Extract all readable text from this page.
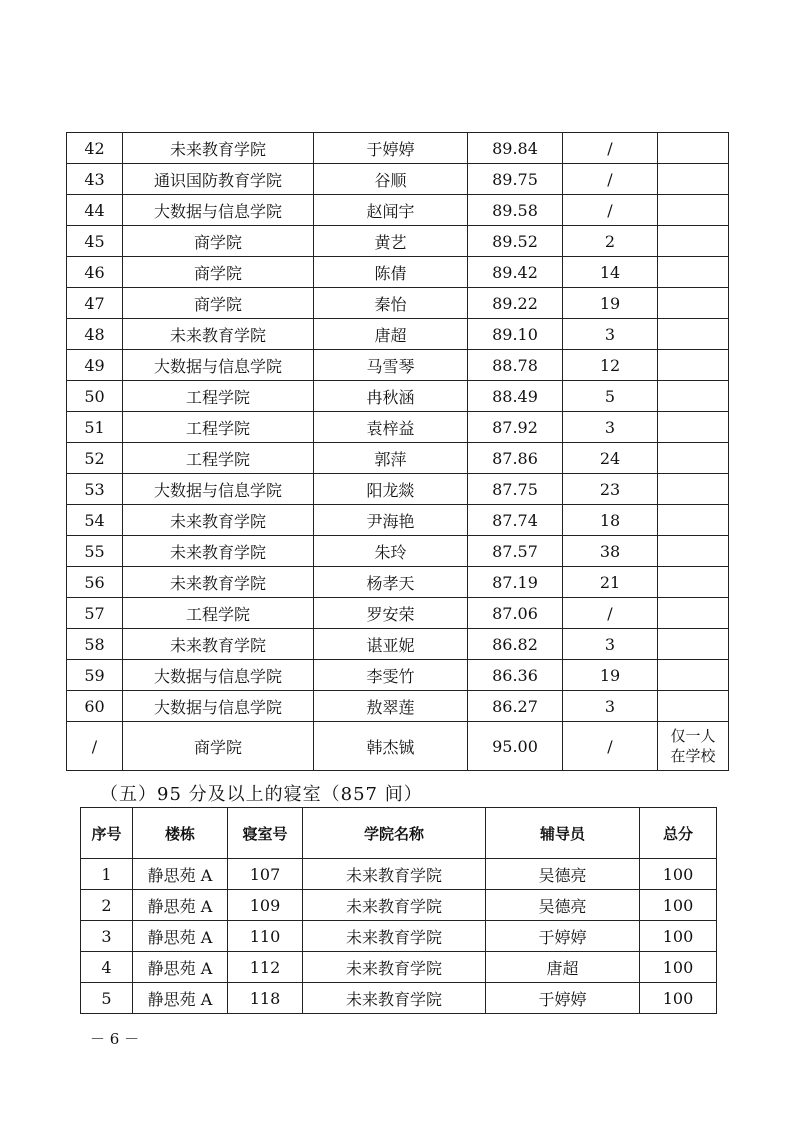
42	未来教育学院	于婷婷	89.84	/	
43	通识国防教育学院	谷顺	89.75	/	
44	大数据与信息学院	赵闻宇	89.58	/	
45	商学院	黄艺	89.52	2	
46	商学院	陈倩	89.42	14	
47	商学院	秦怡	89.22	19	
48	未来教育学院	唐超	89.10	3	
49	大数据与信息学院	马雪琴	88.78	12	
50	工程学院	冉秋涵	88.49	5	
51	工程学院	袁梓益	87.92	3	
52	工程学院	郭萍	87.86	24	
53	大数据与信息学院	阳龙燚	87.75	23	
54	未来教育学院	尹海艳	87.74	18	
55	未来教育学院	朱玲	87.57	38	
56	未来教育学院	杨孝天	87.19	21	
57	工程学院	罗安荣	87.06	/	
58	未来教育学院	谌亚妮	86.82	3	
59	大数据与信息学院	李雯竹	86.36	19	
60	大数据与信息学院	敖翠莲	86.27	3	
/	商学院	韩杰铖	95.00	/	仅一人
在学校
（五）95 分及以上的寝室（857 间）
序号	楼栋	寝室号	学院名称	辅导员	总分
1	静思苑 A	107	未来教育学院	吴德亮	100
2	静思苑 A	109	未来教育学院	吴德亮	100
3	静思苑 A	110	未来教育学院	于婷婷	100
4	静思苑 A	112	未来教育学院	唐超	100
5	静思苑 A	118	未来教育学院	于婷婷	100
－ 6 －
